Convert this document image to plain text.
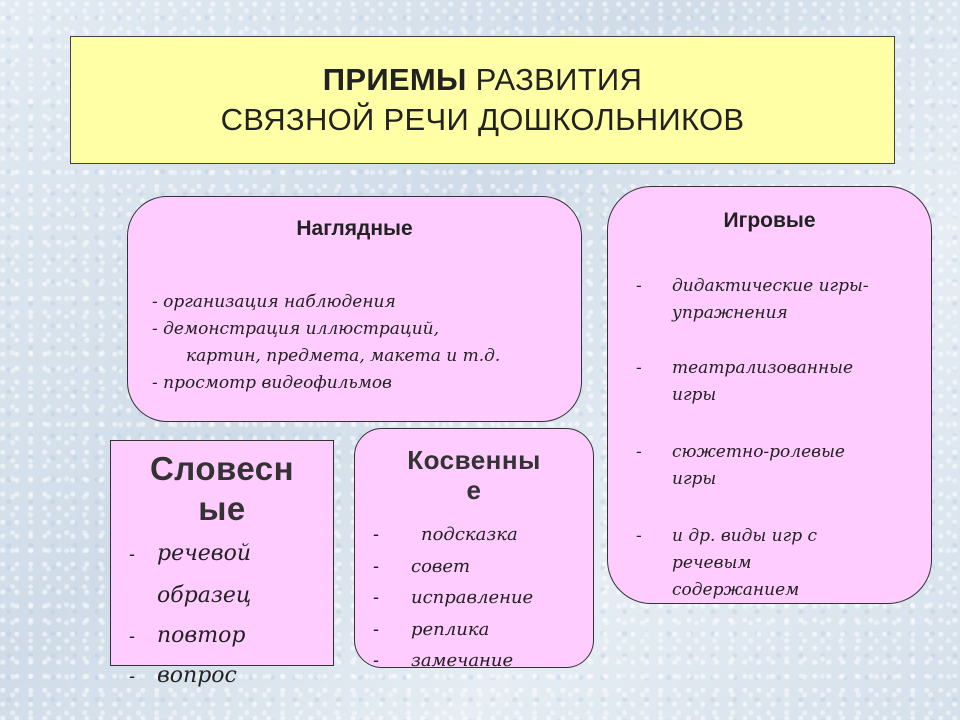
ПРИЕМЫ РАЗВИТИЯ
СВЯЗНОЙ РЕЧИ ДОШКОЛЬНИКОВ
Наглядные
- организация наблюдения
- демонстрация иллюстраций,
картин, предмета, макета и т.д.
- просмотр видеофильмов
Игровые
- дидактические игры-
упражнения
- театрализованные
игры
- сюжетно-ролевые
игры
- и др. виды игр с
речевым
содержанием
Словесн
ые
- речевой
образец
- повтор
- вопрос
Косвенны
е
- подсказка
- совет
- исправление
- реплика
- замечание
